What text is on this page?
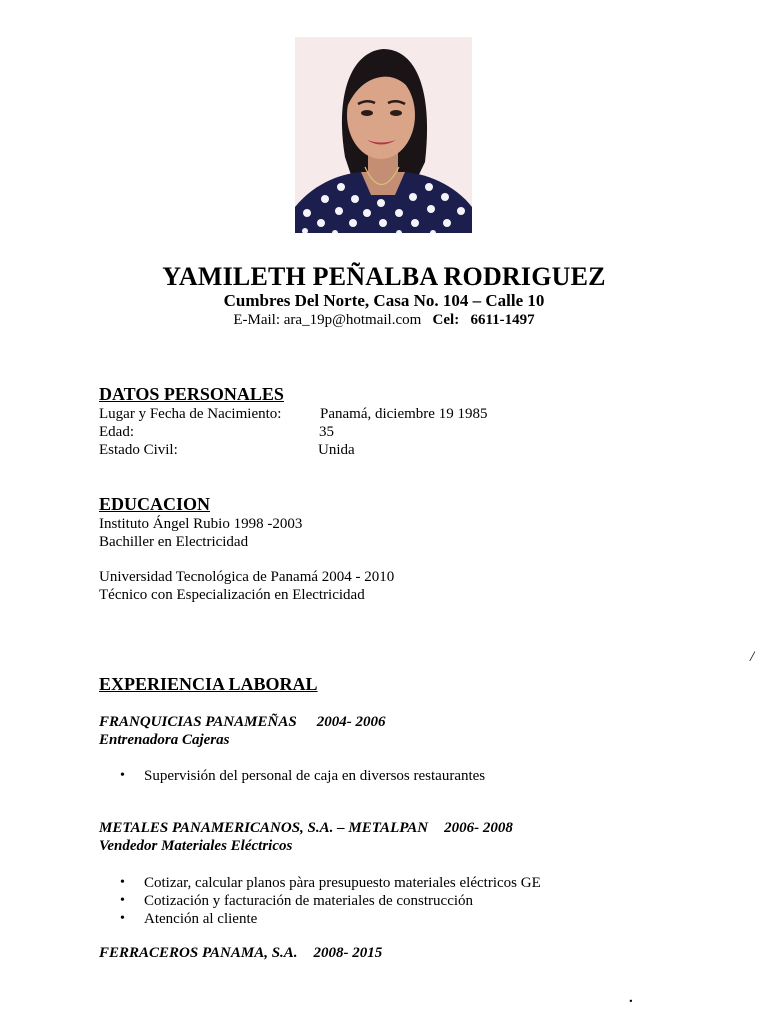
YAMILETH PEÑALBA RODRIGUEZ
Cumbres Del Norte, Casa No. 104 – Calle 10
E-Mail: ara_19p@hotmail.com Cel: 6611-1497
DATOS PERSONALES
Lugar y Fecha de Nacimiento:	Panamá, diciembre 19 1985
Edad:	35
Estado Civil:	Unida
EDUCACION
Instituto Ángel Rubio 1998 -2003
Bachiller en Electricidad
Universidad Tecnológica de Panamá 2004 - 2010
Técnico con Especialización en Electricidad
/
EXPERIENCIA LABORAL
FRANQUICIAS PANAMEÑAS 2004- 2006
Entrenadora Cajeras
• Supervisión del personal de caja en diversos restaurantes
METALES PANAMERICANOS, S.A. – METALPAN 2006- 2008
Vendedor Materiales Eléctricos
• Cotizar, calcular planos pàra presupuesto materiales eléctricos GE
• Cotización y facturación de materiales de construcción
• Atención al cliente
FERRACEROS PANAMA, S.A. 2008- 2015
.
